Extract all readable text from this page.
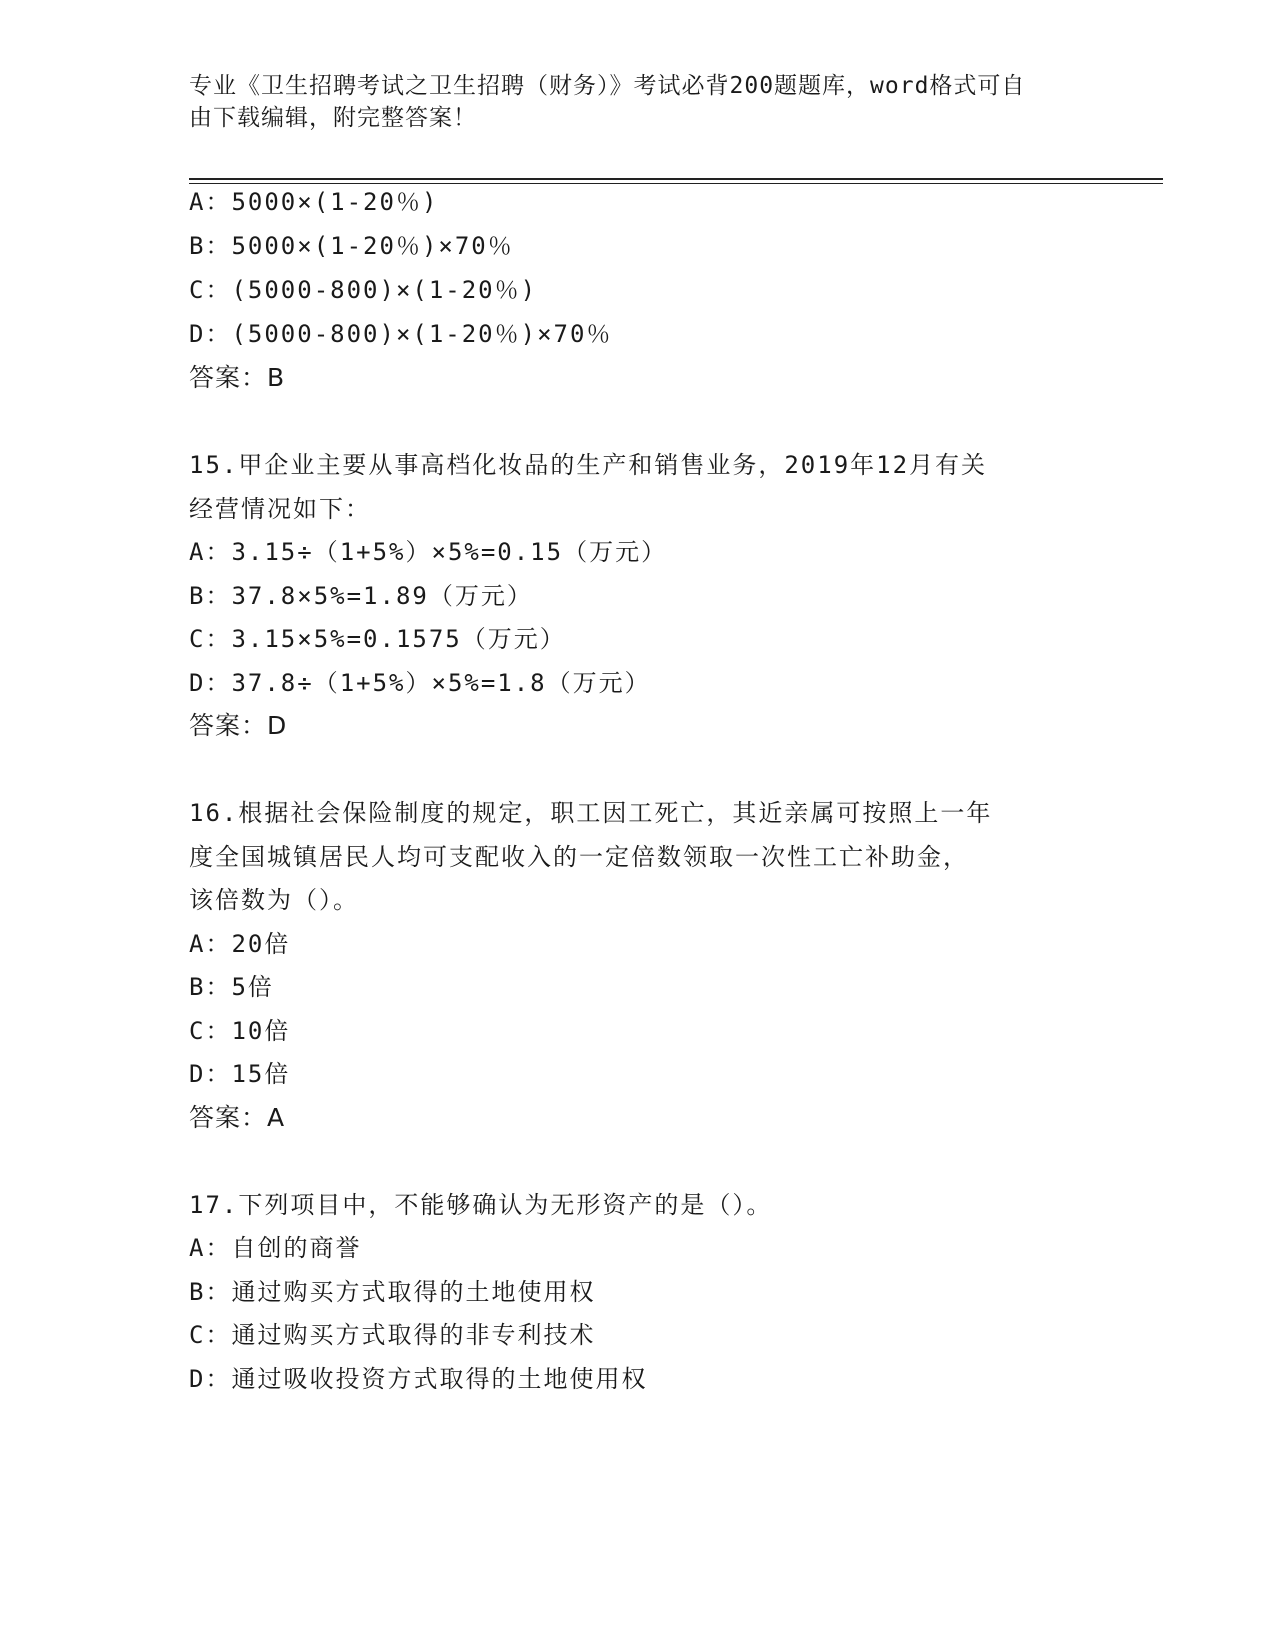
专业《卫生招聘考试之卫生招聘（财务）》考试必背200题题库，word格式可自
由下载编辑，附完整答案！
A：5000×(1-20％)
B：5000×(1-20％)×70％
C：(5000-800)×(1-20％)
D：(5000-800)×(1-20％)×70％
答案：B
15.甲企业主要从事高档化妆品的生产和销售业务，2019年12月有关
经营情况如下：
A：3.15÷（1+5%）×5%=0.15（万元）
B：37.8×5%=1.89（万元）
C：3.15×5%=0.1575（万元）
D：37.8÷（1+5%）×5%=1.8（万元）
答案：D
16.根据社会保险制度的规定，职工因工死亡，其近亲属可按照上一年
度全国城镇居民人均可支配收入的一定倍数领取一次性工亡补助金，
该倍数为（）。
A：20倍
B：5倍
C：10倍
D：15倍
答案：A
17.下列项目中，不能够确认为无形资产的是（）。
A：自创的商誉
B：通过购买方式取得的土地使用权
C：通过购买方式取得的非专利技术
D：通过吸收投资方式取得的土地使用权
